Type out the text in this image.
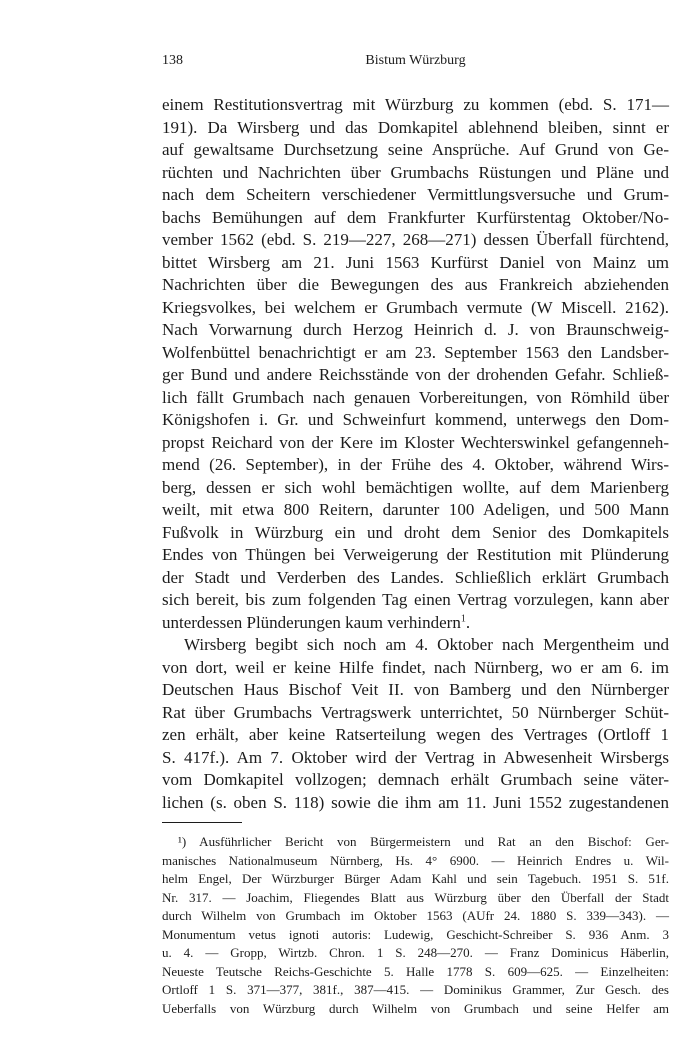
138	Bistum Würzburg

einem Restitutionsvertrag mit Würzburg zu kommen (ebd. S. 171—
191). Da Wirsberg und das Domkapitel ablehnend bleiben, sinnt er
auf gewaltsame Durchsetzung seine Ansprüche. Auf Grund von Ge-
rüchten und Nachrichten über Grumbachs Rüstungen und Pläne und
nach dem Scheitern verschiedener Vermittlungsversuche und Grum-
bachs Bemühungen auf dem Frankfurter Kurfürstentag Oktober/No-
vember 1562 (ebd. S. 219—227, 268—271) dessen Überfall fürchtend,
bittet Wirsberg am 21. Juni 1563 Kurfürst Daniel von Mainz um
Nachrichten über die Bewegungen des aus Frankreich abziehenden
Kriegsvolkes, bei welchem er Grumbach vermute (W Miscell. 2162).
Nach Vorwarnung durch Herzog Heinrich d. J. von Braunschweig-
Wolfenbüttel benachrichtigt er am 23. September 1563 den Landsber-
ger Bund und andere Reichsstände von der drohenden Gefahr. Schließ-
lich fällt Grumbach nach genauen Vorbereitungen, von Römhild über
Königshofen i. Gr. und Schweinfurt kommend, unterwegs den Dom-
propst Reichard von der Kere im Kloster Wechterswinkel gefangenneh-
mend (26. September), in der Frühe des 4. Oktober, während Wirs-
berg, dessen er sich wohl bemächtigen wollte, auf dem Marienberg
weilt, mit etwa 800 Reitern, darunter 100 Adeligen, und 500 Mann
Fußvolk in Würzburg ein und droht dem Senior des Domkapitels
Endes von Thüngen bei Verweigerung der Restitution mit Plünderung
der Stadt und Verderben des Landes. Schließlich erklärt Grumbach
sich bereit, bis zum folgenden Tag einen Vertrag vorzulegen, kann aber
unterdessen Plünderungen kaum verhindern$^1$.

Wirsberg begibt sich noch am 4. Oktober nach Mergentheim und
von dort, weil er keine Hilfe findet, nach Nürnberg, wo er am 6. im
Deutschen Haus Bischof Veit II. von Bamberg und den Nürnberger
Rat über Grumbachs Vertragswerk unterrichtet, 50 Nürnberger Schüt-
zen erhält, aber keine Ratserteilung wegen des Vertrages (Ortloff 1
S. 417f.). Am 7. Oktober wird der Vertrag in Abwesenheit Wirsbergs
vom Domkapitel vollzogen; demnach erhält Grumbach seine väter-
lichen (s. oben S. 118) sowie die ihm am 11. Juni 1552 zugestandenen

¹) Ausführlicher Bericht von Bürgermeistern und Rat an den Bischof: Ger-
manisches Nationalmuseum Nürnberg, Hs. 4° 6900. — Heinrich Endres u. Wil-
helm Engel, Der Würzburger Bürger Adam Kahl und sein Tagebuch. 1951 S. 51f.
Nr. 317. — Joachim, Fliegendes Blatt aus Würzburg über den Überfall der Stadt
durch Wilhelm von Grumbach im Oktober 1563 (AUfr 24. 1880 S. 339—343). —
Monumentum vetus ignoti autoris: Ludewig, Geschicht-Schreiber S. 936 Anm. 3
u. 4. — Gropp, Wirtzb. Chron. 1 S. 248—270. — Franz Dominicus Häberlin,
Neueste Teutsche Reichs-Geschichte 5. Halle 1778 S. 609—625. — Einzelheiten:
Ortloff 1 S. 371—377, 381f., 387—415. — Dominikus Grammer, Zur Gesch. des
Ueberfalls von Würzburg durch Wilhelm von Grumbach und seine Helfer am
